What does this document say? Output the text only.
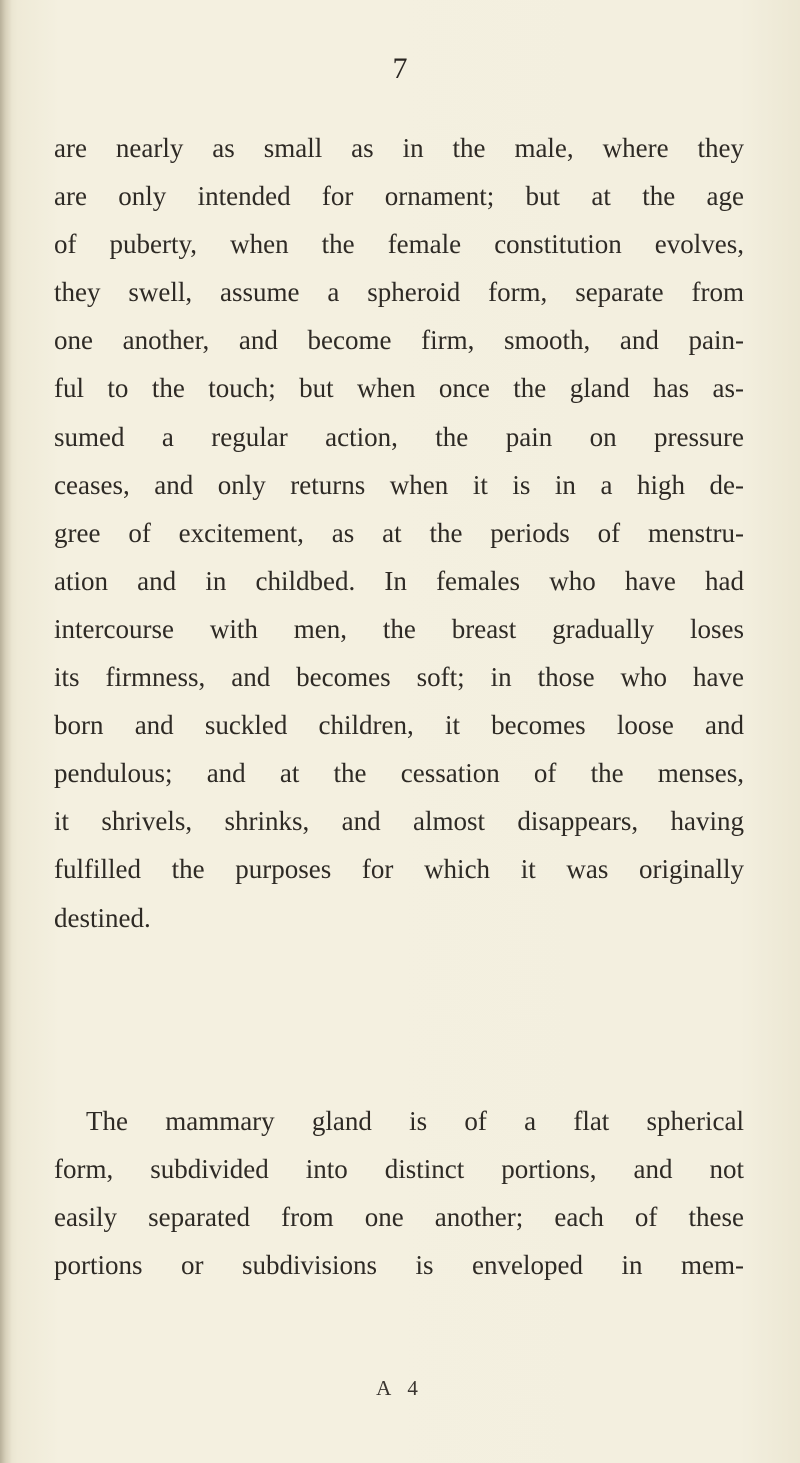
7
are nearly as small as in the male, where they
are only intended for ornament; but at the age
of puberty, when the female constitution evolves,
they swell, assume a spheroid form, separate from
one another, and become firm, smooth, and pain-
ful to the touch; but when once the gland has as-
sumed a regular action, the pain on pressure
ceases, and only returns when it is in a high de-
gree of excitement, as at the periods of menstru-
ation and in childbed. In females who have had
intercourse with men, the breast gradually loses
its firmness, and becomes soft; in those who have
born and suckled children, it becomes loose and
pendulous; and at the cessation of the menses,
it shrivels, shrinks, and almost disappears, having
fulfilled the purposes for which it was originally
destined.
The mammary gland is of a flat spherical
form, subdivided into distinct portions, and not
easily separated from one another; each of these
portions or subdivisions is enveloped in mem-
A 4
